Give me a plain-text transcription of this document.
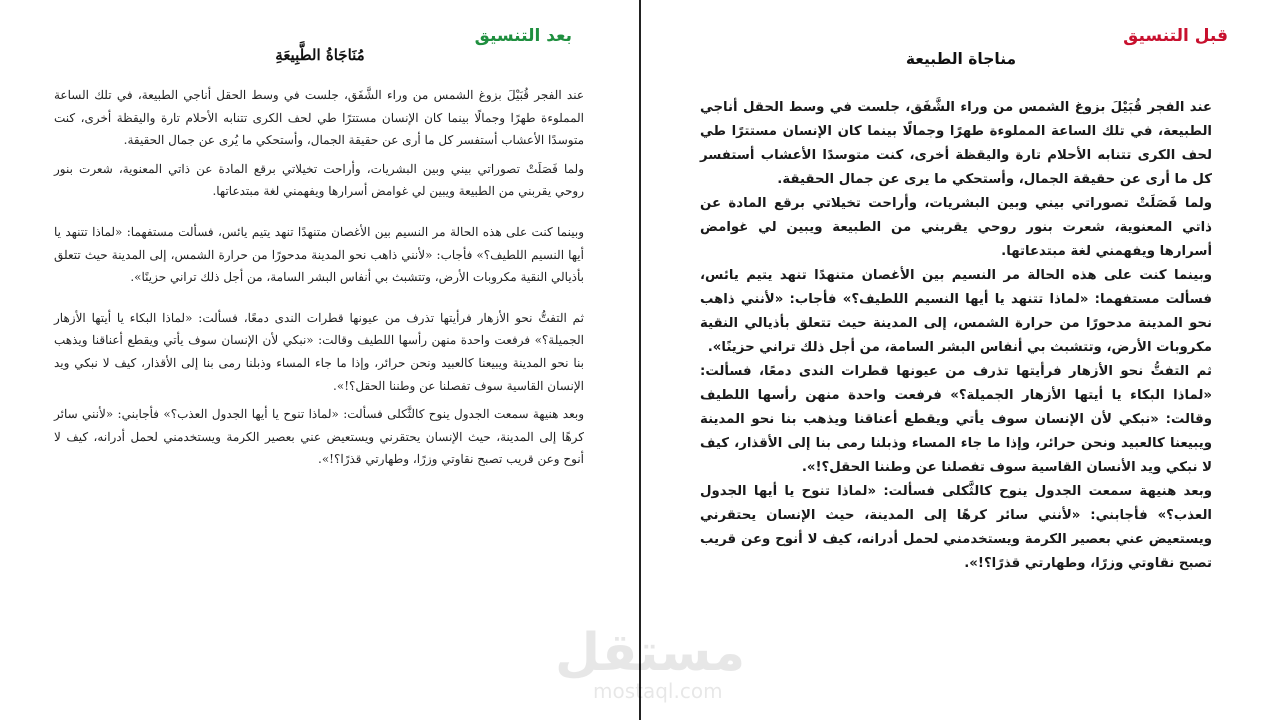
بعد التنسيق
مُنَاجَاةُ الطَّبِيعَةِ

عند الفجر قُبَيْلَ بزوغ الشمس من وراء الشَّفَق، جلست في وسط الحقل أناجي الطبيعة، في تلك الساعة المملوءة طهرًا وجمالًا بينما كان الإنسان مستترًا طي لحف الكرى تتنابه الأحلام تارة واليقظة أخرى، كنت متوسدًا الأعشاب أستفسر كل ما أرى عن حقيقة الجمال، وأستحكي ما يُرى عن جمال الحقيقة.

ولما فَصَلَتْ تصوراتي بيني وبين البشريات، وأراحت تخيلاتي برقع المادة عن ذاتي المعنوية، شعرت بنور روحي يقربني من الطبيعة ويبين لي غوامض أسرارها ويفهمني لغة مبتدعاتها.

وبينما كنت على هذه الحالة مر النسيم بين الأغصان متنهدًا تنهد يتيم يائس، فسألت مستفهما: «لماذا تتنهد يا أيها النسيم اللطيف؟» فأجاب: «لأنني ذاهب نحو المدينة مدحورًا من حرارة الشمس، إلى المدينة حيث تتعلق بأذيالي النقية مكروبات الأرض، وتتشبث بي أنفاس البشر السامة، من أجل ذلك تراني حزينًا».

ثم التفتُّ نحو الأزهار فرأيتها تذرف من عيونها قطرات الندى دمعًا، فسألت: «لماذا البكاء يا أيتها الأزهار الجميلة؟» فرفعت واحدة منهن رأسها اللطيف وقالت: «نبكي لأن الإنسان سوف يأتي ويقطع أعناقنا ويذهب بنا نحو المدينة ويبيعنا كالعبيد ونحن حرائر، وإذا ما جاء المساء وذبلنا رمى بنا إلى الأقذار، كيف لا نبكي ويد الإنسان القاسية سوف تفصلنا عن وطننا الحقل؟!».

وبعد هنيهة سمعت الجدول ينوح كالثَّكلى فسألت: «لماذا تنوح يا أيها الجدول العذب؟» فأجابني: «لأنني سائر كرهًا إلى المدينة، حيث الإنسان يحتقرني ويستعيض عني بعصير الكرمة ويستخدمني لحمل أدرانه، كيف لا أنوح وعن قريب تصبح نقاوتي وزرًا، وطهارتي قذرًا؟!».

قبل التنسيق
مناجاة الطبيعة

عند الفجر قُبَيْلَ بزوغ الشمس من وراء الشَّفَق، جلست في وسط الحقل أناجي الطبيعة، في تلك الساعة المملوءة طهرًا وجمالًا بينما كان الإنسان مستترًا طي لحف الكرى تتنابه الأحلام تارة واليقظة أخرى، كنت متوسدًا الأعشاب أستفسر كل ما أرى عن حقيقة الجمال، وأستحكي ما يرى عن جمال الحقيقة.

ولما فَصَلَتْ تصوراتي بيني وبين البشريات، وأراحت تخيلاتي برقع المادة عن ذاتي المعنوية، شعرت بنور روحي يقربني من الطبيعة ويبين لي غوامض أسرارها ويفهمني لغة مبتدعاتها.

وبينما كنت على هذه الحالة مر النسيم بين الأغصان متنهدًا تنهد يتيم يائس، فسألت مستفهما: «لماذا تتنهد يا أيها النسيم اللطيف؟» فأجاب: «لأنني ذاهب نحو المدينة مدحورًا من حرارة الشمس، إلى المدينة حيث تتعلق بأذيالي النقية مكروبات الأرض، وتتشبث بي أنفاس البشر السامة، من أجل ذلك تراني حزينًا».

ثم التفتُّ نحو الأزهار فرأيتها تذرف من عيونها قطرات الندى دمعًا، فسألت: «لماذا البكاء يا أيتها الأزهار الجميلة؟» فرفعت واحدة منهن رأسها اللطيف وقالت: «نبكي لأن الإنسان سوف يأتي ويقطع أعناقنا ويذهب بنا نحو المدينة ويبيعنا كالعبيد ونحن حرائر، وإذا ما جاء المساء وذبلنا رمى بنا إلى الأقذار، كيف لا نبكي ويد الأنسان القاسية سوف تفصلنا عن وطننا الحقل؟!».

وبعد هنيهة سمعت الجدول ينوح كالثَّكلى فسألت: «لماذا تنوح يا أيها الجدول العذب؟» فأجابني: «لأنني سائر كرهًا إلى المدينة، حيث الإنسان يحتقرني ويستعيض عني بعصير الكرمة ويستخدمني لحمل أدرانه، كيف لا أنوح وعن قريب تصبح نقاوتي وزرًا، وطهارتي قذرًا؟!».

مستقل
mostaql.com
